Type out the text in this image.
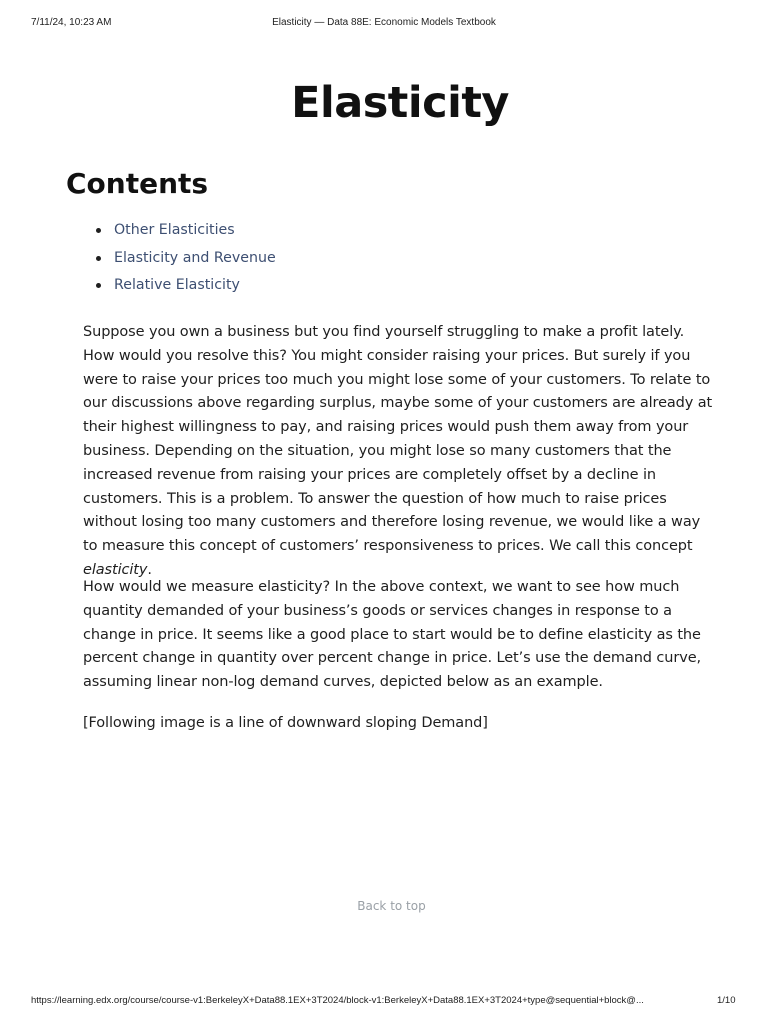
7/11/24, 10:23 AM	Elasticity — Data 88E: Economic Models Textbook
Elasticity
Contents
Other Elasticities
Elasticity and Revenue
Relative Elasticity

Suppose you own a business but you find yourself struggling to make a profit lately. How would you resolve this? You might consider raising your prices. But surely if you were to raise your prices too much you might lose some of your customers. To relate to our discussions above regarding surplus, maybe some of your customers are already at their highest willingness to pay, and raising prices would push them away from your business. Depending on the situation, you might lose so many customers that the increased revenue from raising your prices are completely offset by a decline in customers. This is a problem. To answer the question of how much to raise prices without losing too many customers and therefore losing revenue, we would like a way to measure this concept of customers’ responsiveness to prices. We call this concept elasticity.

How would we measure elasticity? In the above context, we want to see how much quantity demanded of your business’s goods or services changes in response to a change in price. It seems like a good place to start would be to define elasticity as the percent change in quantity over percent change in price. Let’s use the demand curve, assuming linear non-log demand curves, depicted below as an example.

[Following image is a line of downward sloping Demand]

Back to top
https://learning.edx.org/course/course-v1:BerkeleyX+Data88.1EX+3T2024/block-v1:BerkeleyX+Data88.1EX+3T2024+type@sequential+block@...	1/10
